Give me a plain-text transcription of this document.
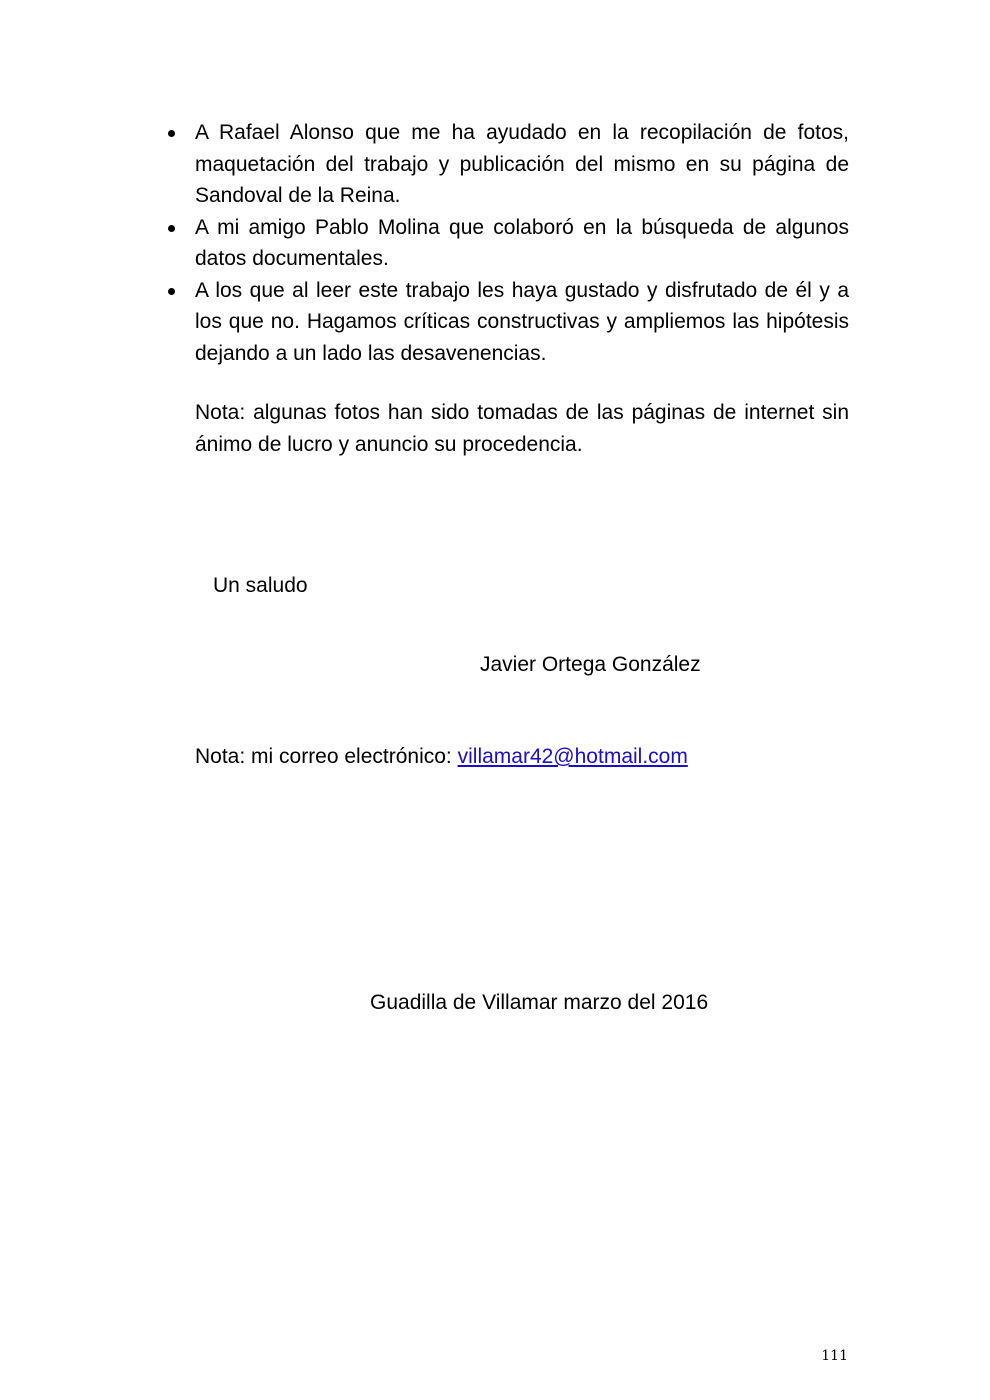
A Rafael Alonso que me ha ayudado en la recopilación de fotos, maquetación del trabajo y publicación del mismo en su página de Sandoval de la Reina.
A mi amigo Pablo Molina que colaboró en la búsqueda de algunos datos documentales.
A los que al leer este trabajo les haya gustado y disfrutado de él y a los que no. Hagamos críticas constructivas y ampliemos las hipótesis dejando a un lado las desavenencias.

Nota: algunas fotos han sido tomadas de las páginas de internet sin ánimo de lucro y anuncio su procedencia.

Un saludo

Javier Ortega González

Nota: mi correo electrónico: villamar42@hotmail.com

Guadilla de Villamar marzo del 2016

111
